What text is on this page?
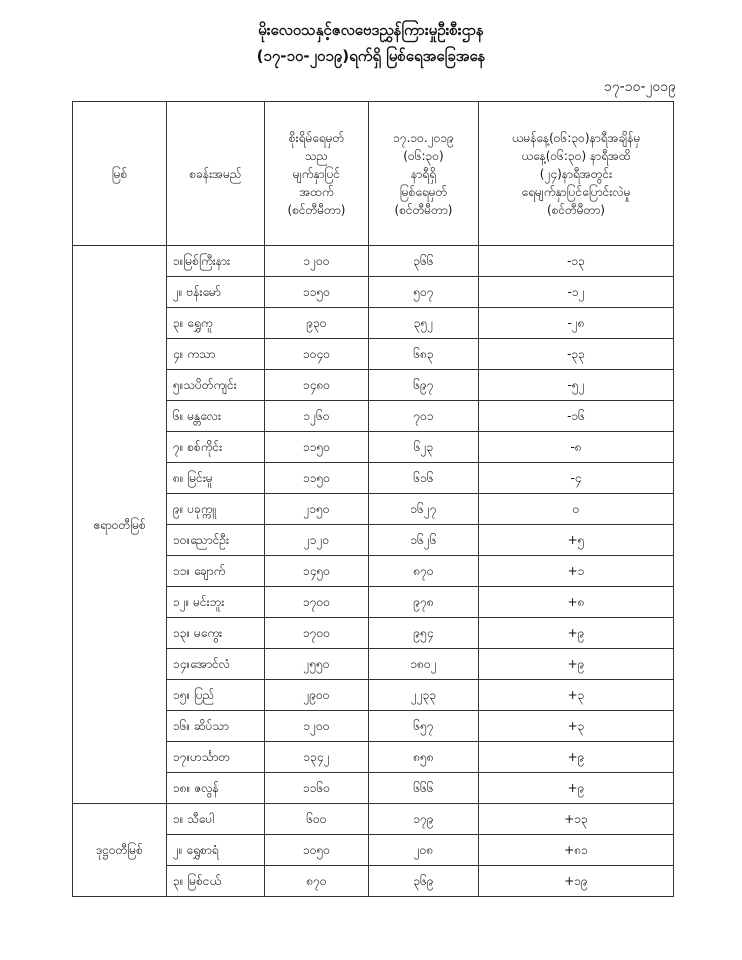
မိုးလေဝသနှင့်ဇလဗေဒညွှန်ကြားမှုဦးစီးဌာန
(၁၇-၁၀-၂၀၁၉)ရက်ရှိ မြစ်ရေအခြေအနေ
၁၇-၁၀-၂၀၁၉
မြစ်	စခန်းအမည်	စိုးရိမ်ရေမှတ်
သည
မျက်နှာပြင်
အထက်
(စင်တီမီတာ)	၁၇.၁၀.၂၀၁၉
(၀၆:၃၀)
နာရီရှိ
မြစ်ရေမှတ်
(စင်တီမီတာ)	ယမန်နေ့(၀၆:၃၀)နာရီအချိန်မှ
ယနေ့(၀၆:၃၀) နာရီအထိ
(၂၄)နာရီအတွင်း
ရေမျက်နှာပြင်ပြောင်းလဲမှု
(စင်တီမီတာ)

ဧရာဝတီမြစ်	၁။မြစ်ကြီးနား	၁၂၀၀	၃၆၆	-၁၃
	၂။ ဗန်းမော်	၁၁၅၀	၅၀၇	-၁၂
	၃။ ရွှေကူ	၉၃၀	၃၅၂	-၂၈
	၄။ ကသာ	၁၀၄၀	၆၈၃	-၃၃
	၅။သပိတ်ကျင်း	၁၄၈၀	၆၉၇	-၅၂
	၆။ မန္တလေး	၁၂၆၀	၇၀၁	-၁၆
	၇။ စစ်ကိုင်း	၁၁၅၀	၆၂၃	-၈
	၈။ မြင်းမူ	၁၁၅၀	၆၁၆	-၄
	၉။ ပခုက္ကူ	၂၁၅၀	၁၆၂၇	၀
	၁၀။ညောင်ဦး	၂၁၂၀	၁၆၂၆	+၅
	၁၁။ ချောက်	၁၄၅၀	၈၇၀	+၁
	၁၂။ မင်းဘူး	၁၇၀၀	၉၇၈	+၈
	၁၃။ မကွေး	၁၇၀၀	၉၅၄	+၉
	၁၄။အောင်လံ	၂၅၅၀	၁၈၀၂	+၉
	၁၅။ ပြည်	၂၉၀၀	၂၂၃၃	+၃
	၁၆။ ဆိပ်သာ	၁၂၀၀	၆၅၇	+၃
	၁၇။ဟင်္သာတ	၁၃၄၂	၈၅၈	+၉
	၁၈။ ဇလွန်	၁၁၆၀	၆၆၆	+၉
ဒုဋ္ဌဝတီမြစ်	၁။ သီပေါ	၆၀၀	၁၇၉	+၁၃
	၂။ ရွှေစာရံ	၁၀၅၀	၂၀၈	+၈၁
	၃။ မြစ်ငယ်	၈၇၀	၃၆၉	+၁၉
